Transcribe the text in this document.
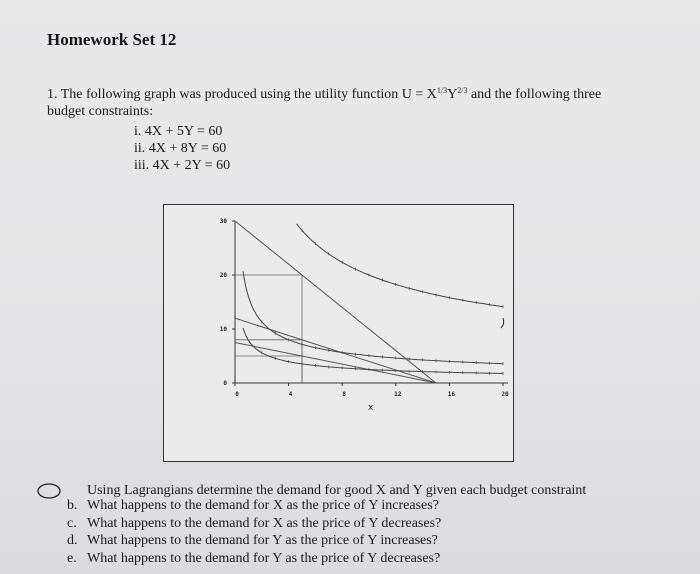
Homework Set 12
1. The following graph was produced using the utility function $U = X^{1/3}Y^{2/3}$ and the following three
budget constraints:
i. 4X + 5Y = 60
ii. 4X + 8Y = 60
iii. 4X + 2Y = 60
0	4	8	12	16	20
0
10
20
30
x
Using Lagrangians determine the demand for good X and Y given each budget constraint
b. What happens to the demand for X as the price of Y increases?
c. What happens to the demand for X as the price of Y decreases?
d. What happens to the demand for Y as the price of Y increases?
e. What happens to the demand for Y as the price of Y decreases?
